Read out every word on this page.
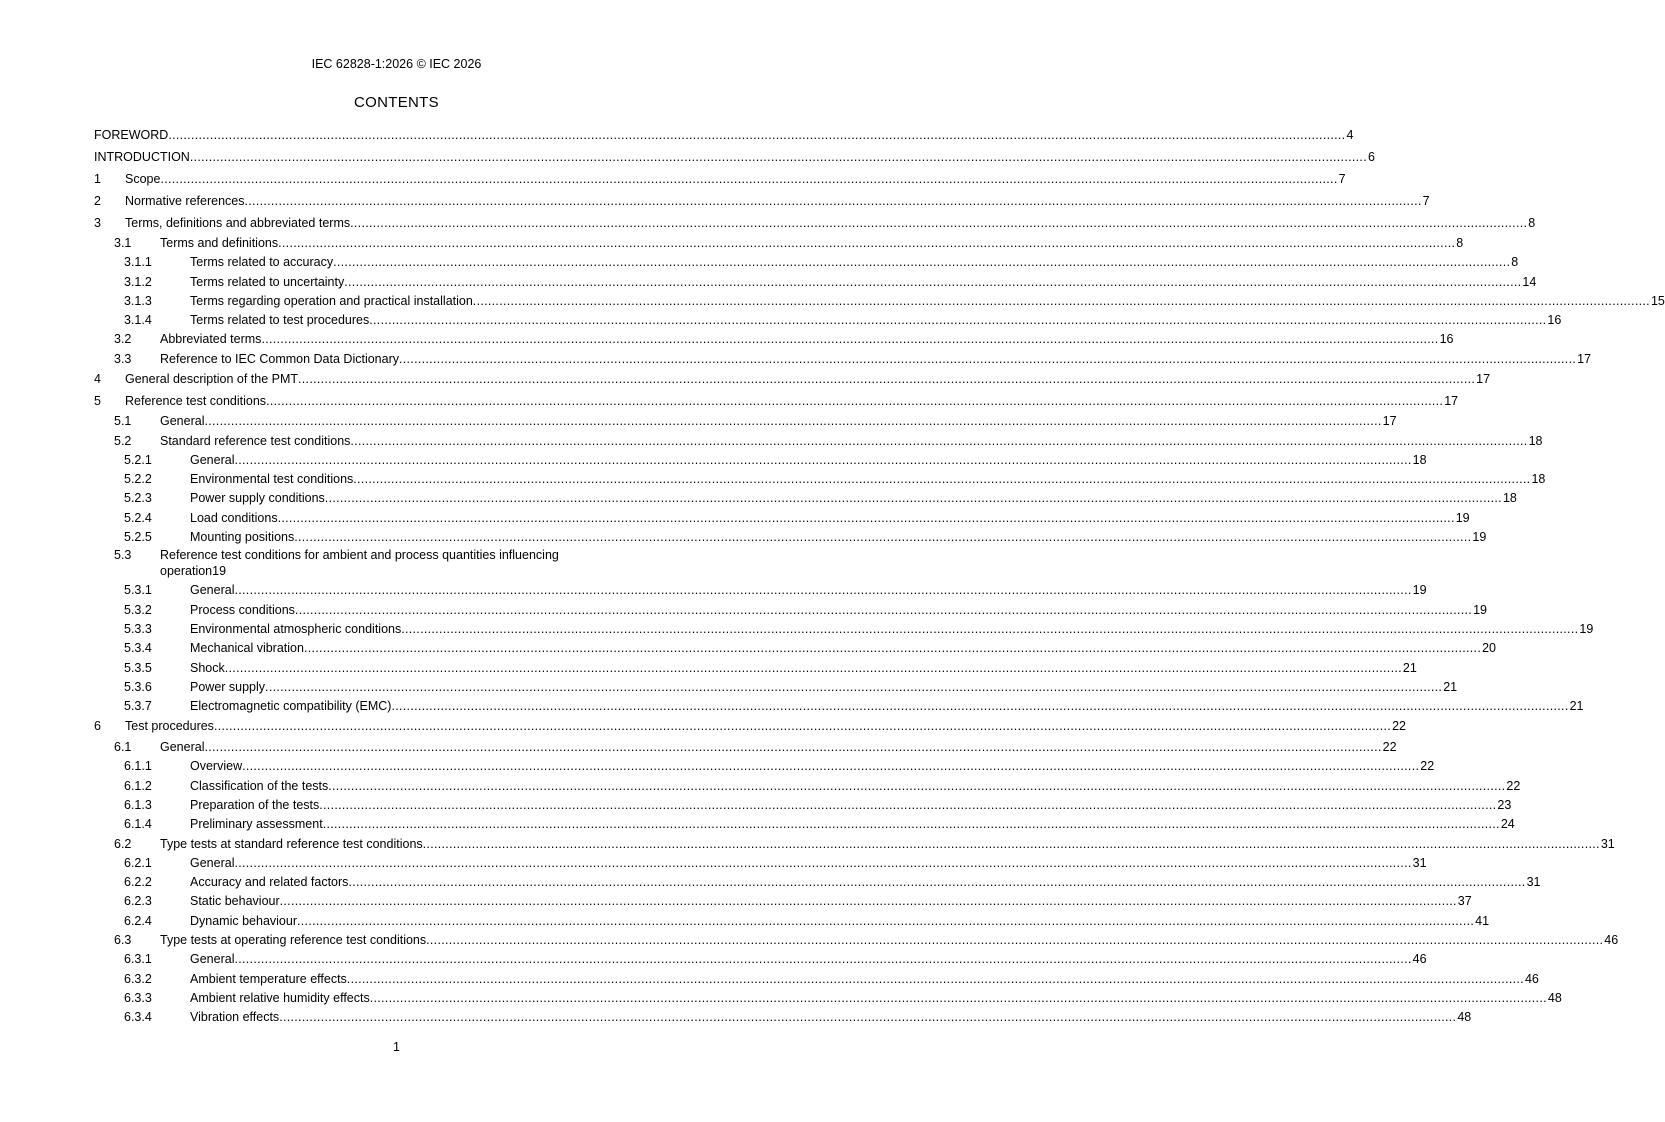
IEC 62828-1:2026 © IEC 2026
CONTENTS
FOREWORD .....	4
INTRODUCTION .....	6
1	Scope .....	7
2	Normative references .....	7
3	Terms, definitions and abbreviated terms .....	8
3.1	Terms and definitions .....	8
3.1.1	Terms related to accuracy .....	8
3.1.2	Terms related to uncertainty .....	14
3.1.3	Terms regarding operation and practical installation .....	15
3.1.4	Terms related to test procedures .....	16
3.2	Abbreviated terms .....	16
3.3	Reference to IEC Common Data Dictionary .....	17
4	General description of the PMT .....	17
5	Reference test conditions .....	17
5.1	General .....	17
5.2	Standard reference test conditions .....	18
5.2.1	General .....	18
5.2.2	Environmental test conditions .....	18
5.2.3	Power supply conditions .....	18
5.2.4	Load conditions .....	19
5.2.5	Mounting positions .....	19
5.3 Reference test conditions for ambient and process quantities influencing
operation 19
5.3.1	General .....	19
5.3.2	Process conditions .....	19
5.3.3	Environmental atmospheric conditions .....	19
5.3.4	Mechanical vibration .....	20
5.3.5	Shock .....	21
5.3.6	Power supply .....	21
5.3.7	Electromagnetic compatibility (EMC) .....	21
6	Test procedures .....	22
6.1	General .....	22
6.1.1	Overview .....	22
6.1.2	Classification of the tests .....	22
6.1.3	Preparation of the tests .....	23
6.1.4	Preliminary assessment .....	24
6.2	Type tests at standard reference test conditions .....	31
6.2.1	General .....	31
6.2.2	Accuracy and related factors .....	31
6.2.3	Static behaviour .....	37
6.2.4	Dynamic behaviour .....	41
6.3	Type tests at operating reference test conditions .....	46
6.3.1	General .....	46
6.3.2	Ambient temperature effects .....	46
6.3.3	Ambient relative humidity effects .....	48
6.3.4	Vibration effects .....	48
1
